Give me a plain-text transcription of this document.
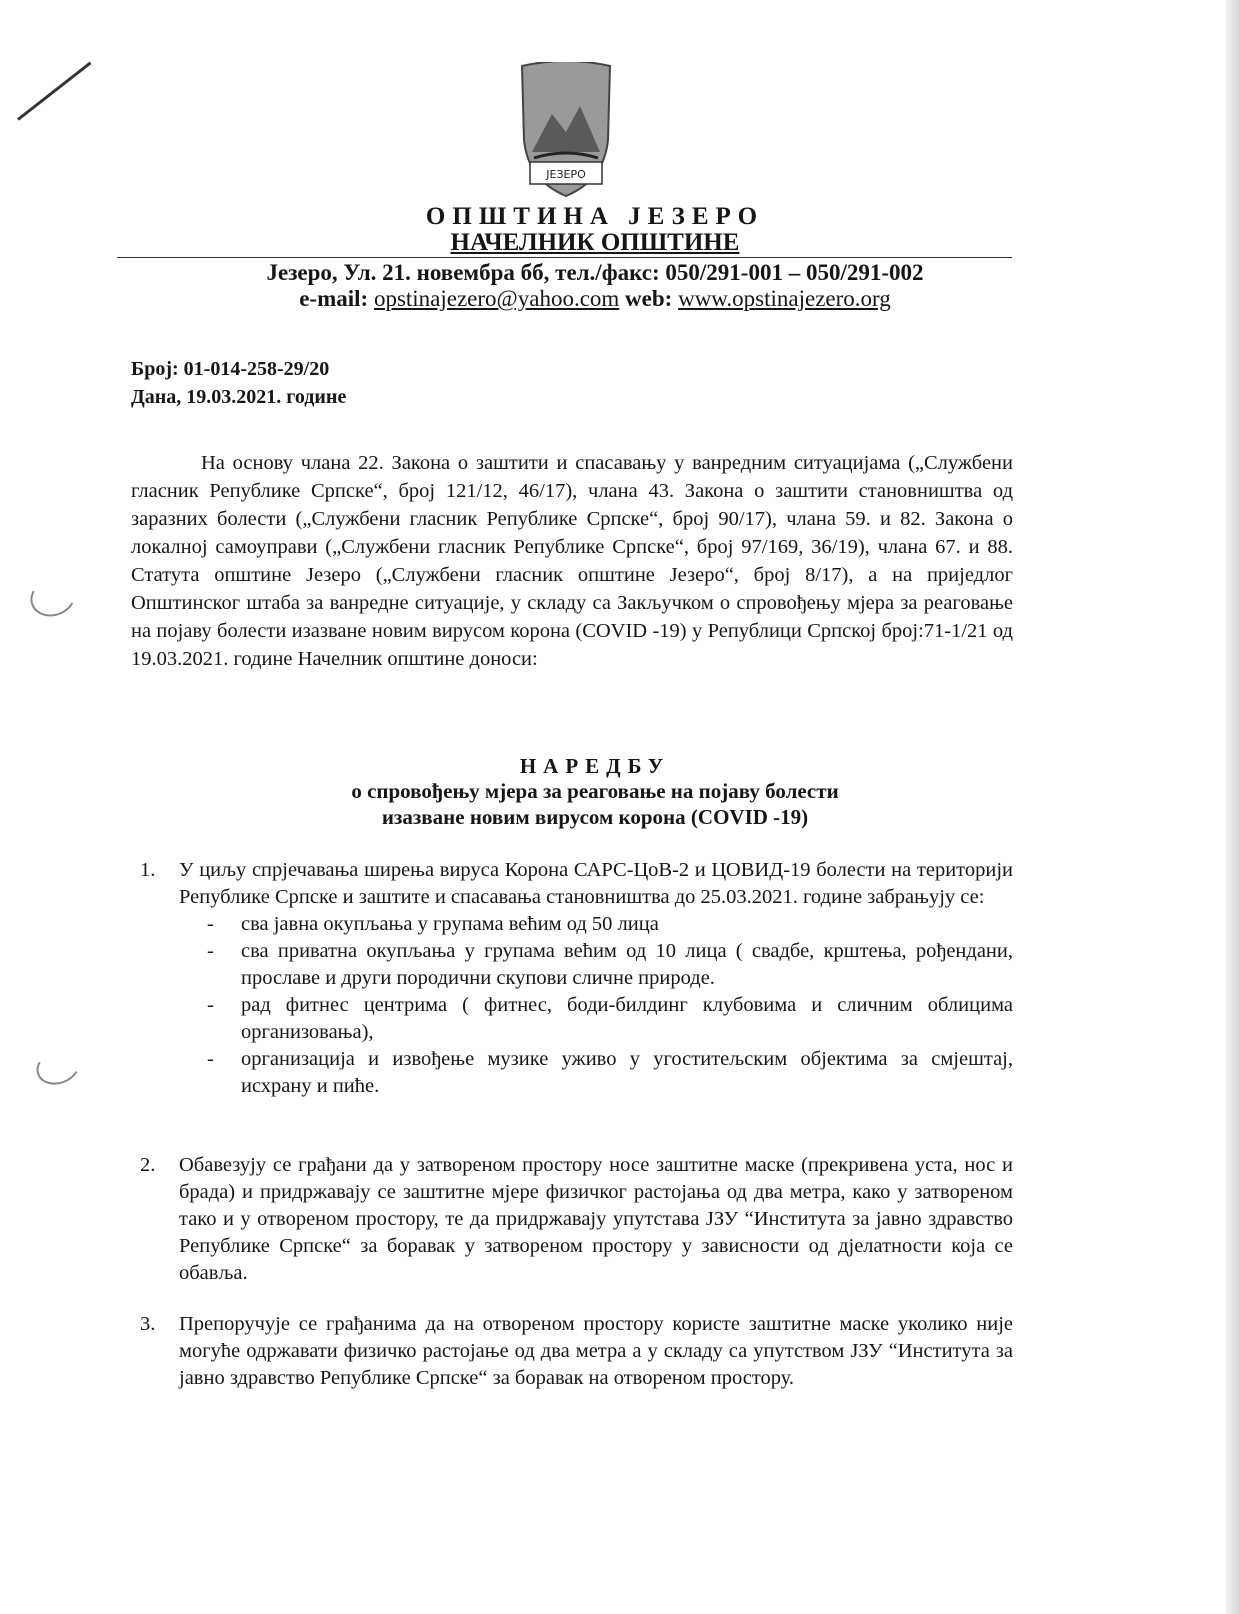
ЈЕЗЕРО
ОПШТИНА ЈЕЗЕРО
НАЧЕЛНИК ОПШТИНЕ
Језеро, Ул. 21. новембра бб, тел./факс: 050/291-001 – 050/291-002
e-mail: opstinajezero@yahoo.com web: www.opstinajezero.org
Број: 01-014-258-29/20
Дана, 19.03.2021. године

На основу члана 22. Закона о заштити и спасавању у ванредним ситуацијама („Службени гласник Републике Српске“, број 121/12, 46/17), члана 43. Закона о заштити становништва од заразних болести („Службени гласник Републике Српске“, број 90/17), члана 59. и 82. Закона о локалној самоуправи („Службени гласник Републике Српске“, број 97/169, 36/19), члана 67. и 88. Статута општине Језеро („Службени гласник општине Језеро“, број 8/17), а на приједлог Општинског штаба за ванредне ситуације, у складу са Закључком о спровођењу мјера за реаговање на појаву болести изазване новим вирусом корона (COVID -19) у Републици Српској број:71-1/21 од 19.03.2021. године Начелник општине доноси:

НАРЕДБУ
о спровођењу мјера за реаговање на појаву болести
изазване новим вирусом корона (COVID -19)
1. У циљу спрјечавања ширења вируса Корона САРС-ЦоВ-2 и ЦОВИД-19 болести на територији Републике Српске и заштите и спасавања становништва до 25.03.2021. године забрањују се:
- сва јавна окупљања у групама већим од 50 лица
- сва приватна окупљања у групама већим од 10 лица ( свадбе, крштења, рођендани, прославе и други породични скупови сличне природе.
- рад фитнес центрима ( фитнес, боди-билдинг клубовима и сличним облицима организовања),
- организација и извођење музике уживо у угоститељским објектима за смјештај, исхрану и пиће.
2. Обавезују се грађани да у затвореном простору носе заштитне маске (прекривена уста, нос и брада) и придржавају се заштитне мјере физичког растојања од два метра, како у затвореном тако и у отвореном простору, те да придржавају упутстава ЈЗУ “Института за јавно здравство Републике Српске“ за боравак у затвореном простору у зависности од дјелатности која се обавља.
3. Препоручује се грађанима да на отвореном простору користе заштитне маске уколико није могуће одржавати физичко растојање од два метра а у складу са упутством ЈЗУ “Института за јавно здравство Републике Српске“ за боравак на отвореном простору.
